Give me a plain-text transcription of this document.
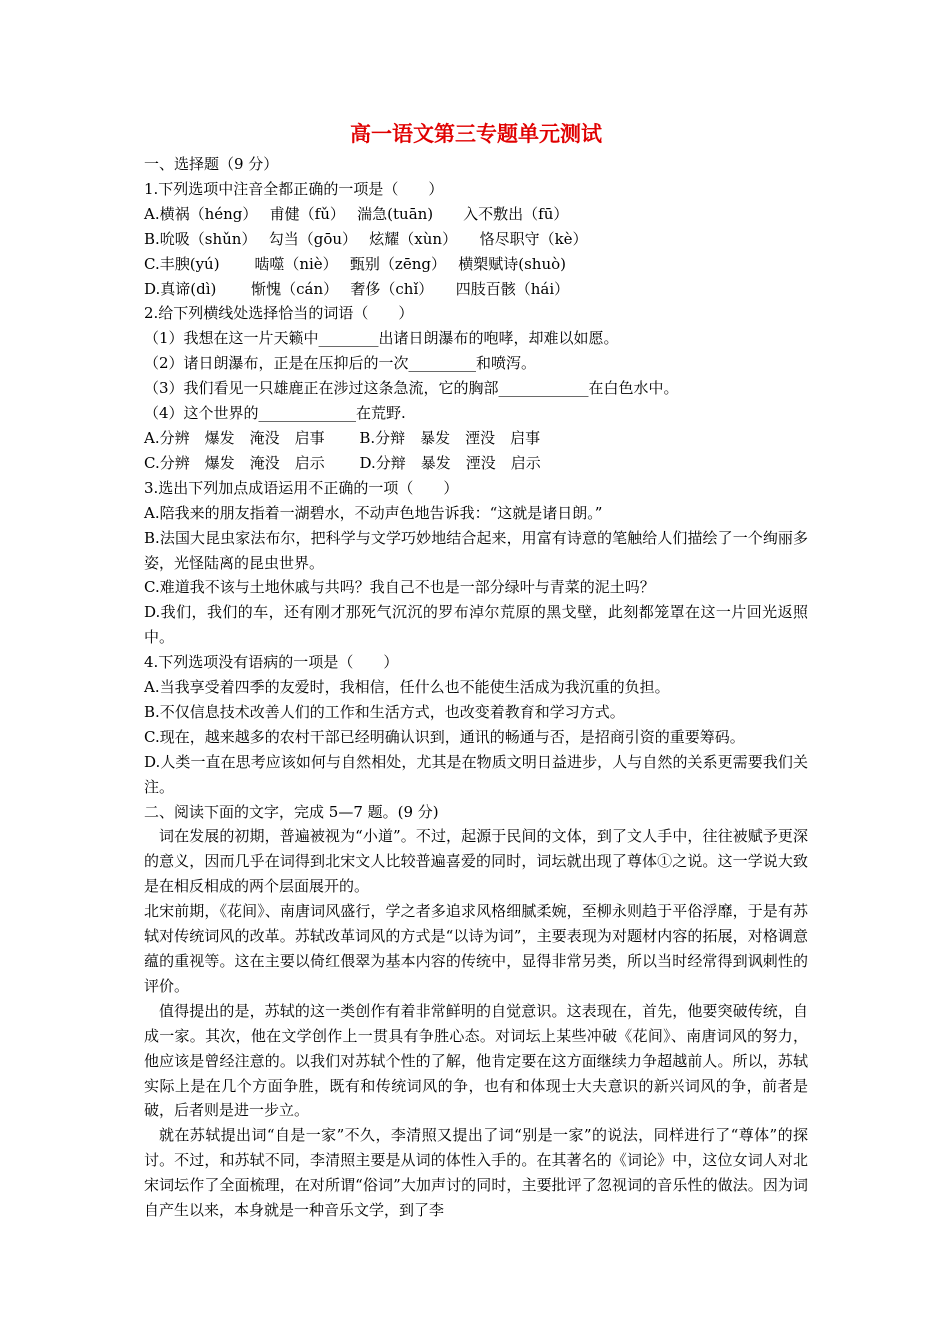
高一语文第三专题单元测试
一、选择题（9 分）
1.下列选项中注音全都正确的一项是（　　）
A.横祸（héng）　 甫健（fǔ）　 湍急(tuān)　　入不敷出（fū）
B.吮吸（shǔn）　 勾当（gōu）　 炫耀（xùn）　　恪尽职守（kè）
C.丰腴(yú)　　 啮噬（niè）　 甄别（zēng）　 横槊赋诗(shuò)
D.真谛(dì)　　 惭愧（cán）　 奢侈（chǐ）　　四肢百骸（hái）
2.给下列横线处选择恰当的词语（　　）
（1）我想在这一片天籁中________出诸日朗瀑布的咆哮，却难以如愿。
（2）诸日朗瀑布，正是在压抑后的一次_________和喷泻。
（3）我们看见一只雄鹿正在涉过这条急流，它的胸部____________在白色水中。
（4）这个世界的_____________在荒野.
A.分辨　爆发　淹没　启事　　 B.分辩　暴发　湮没　启事
C.分辨　爆发　淹没　启示　　 D.分辩　暴发　湮没　启示
3.选出下列加点成语运用不正确的一项（　　）
A.陪我来的朋友指着一湖碧水，不动声色地告诉我：“这就是诸日朗。”
B.法国大昆虫家法布尔，把科学与文学巧妙地结合起来，用富有诗意的笔触给人们描绘了一个绚丽多姿，光怪陆离的昆虫世界。
C.难道我不该与土地休戚与共吗？我自己不也是一部分绿叶与青菜的泥土吗？
D.我们，我们的车，还有刚才那死气沉沉的罗布淖尔荒原的黑戈壁，此刻都笼罩在这一片回光返照中。
4.下列选项没有语病的一项是（　　）
A.当我享受着四季的友爱时，我相信，任什么也不能使生活成为我沉重的负担。
B.不仅信息技术改善人们的工作和生活方式，也改变着教育和学习方式。
C.现在，越来越多的农村干部已经明确认识到，通讯的畅通与否，是招商引资的重要筹码。
D.人类一直在思考应该如何与自然相处，尤其是在物质文明日益进步，人与自然的关系更需要我们关注。
二、阅读下面的文字，完成 5—7 题。(9 分)
词在发展的初期，普遍被视为“小道”。不过，起源于民间的文体，到了文人手中，往往被赋予更深的意义，因而几乎在词得到北宋文人比较普遍喜爱的同时，词坛就出现了尊体①之说。这一学说大致是在相反相成的两个层面展开的。
北宋前期，《花间》、南唐词风盛行，学之者多追求风格细腻柔婉，至柳永则趋于平俗浮靡，于是有苏轼对传统词风的改革。苏轼改革词风的方式是“以诗为词”，主要表现为对题材内容的拓展，对格调意蕴的重视等。这在主要以倚红偎翠为基本内容的传统中，显得非常另类，所以当时经常得到讽刺性的评价。
值得提出的是，苏轼的这一类创作有着非常鲜明的自觉意识。这表现在，首先，他要突破传统，自成一家。其次，他在文学创作上一贯具有争胜心态。对词坛上某些冲破《花间》、南唐词风的努力，他应该是曾经注意的。以我们对苏轼个性的了解，他肯定要在这方面继续力争超越前人。所以，苏轼实际上是在几个方面争胜，既有和传统词风的争，也有和体现士大夫意识的新兴词风的争，前者是破，后者则是进一步立。
就在苏轼提出词“自是一家”不久，李清照又提出了词“别是一家”的说法，同样进行了“尊体”的探讨。不过，和苏轼不同，李清照主要是从词的体性入手的。在其著名的《词论》中，这位女词人对北宋词坛作了全面梳理，在对所谓“俗词”大加声讨的同时，主要批评了忽视词的音乐性的做法。因为词自产生以来，本身就是一种音乐文学，到了李
